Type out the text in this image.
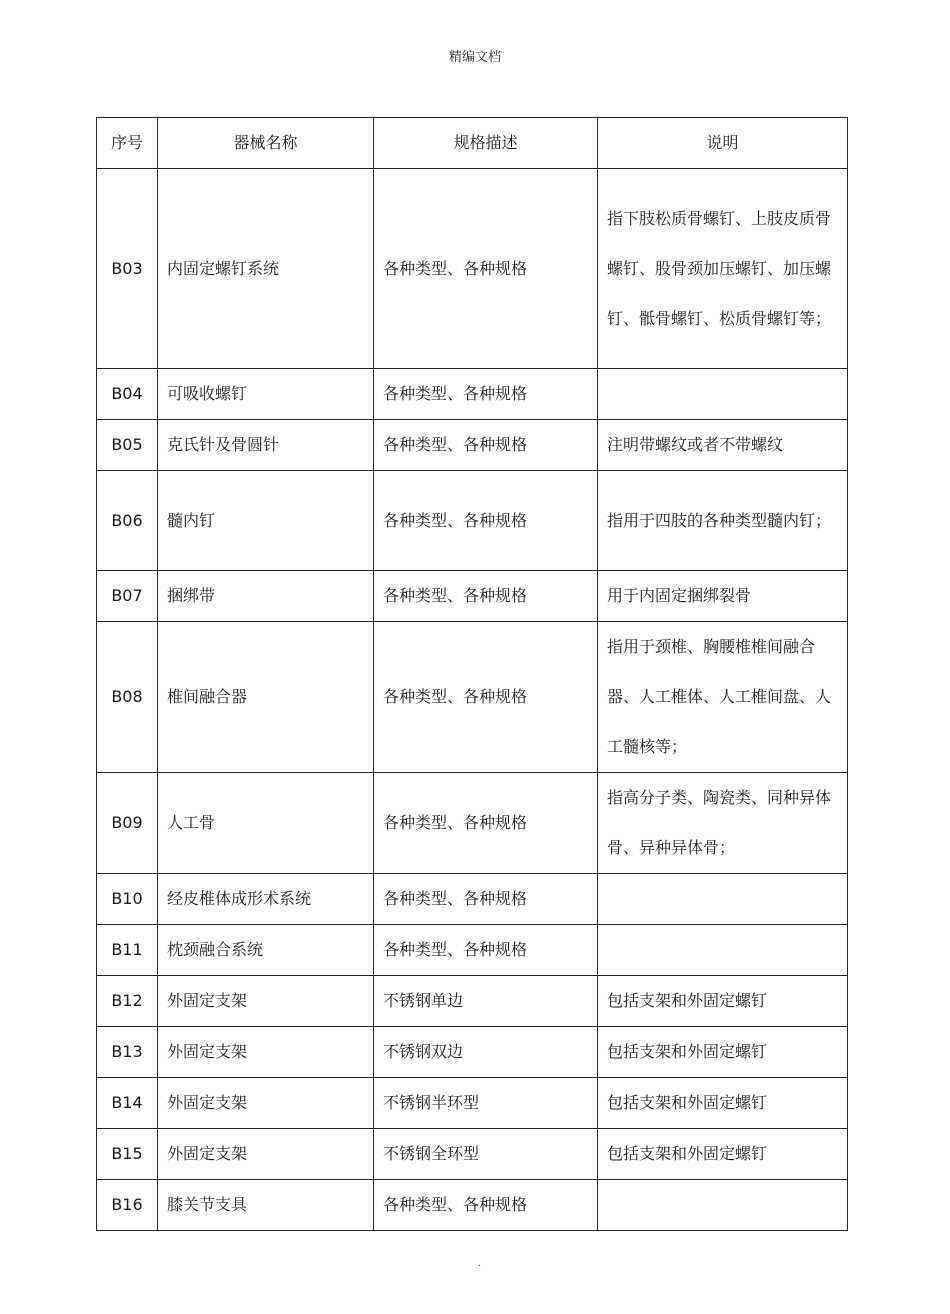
精编文档
序号	器械名称	规格描述	说明
B03	内固定螺钉系统	各种类型、各种规格	指下肢松质骨螺钉、上肢皮质骨螺钉、股骨颈加压螺钉、加压螺钉、骶骨螺钉、松质骨螺钉等；
B04	可吸收螺钉	各种类型、各种规格	
B05	克氏针及骨圆针	各种类型、各种规格	注明带螺纹或者不带螺纹
B06	髓内钉	各种类型、各种规格	指用于四肢的各种类型髓内钉；
B07	捆绑带	各种类型、各种规格	用于内固定捆绑裂骨
B08	椎间融合器	各种类型、各种规格	指用于颈椎、胸腰椎椎间融合器、人工椎体、人工椎间盘、人工髓核等；
B09	人工骨	各种类型、各种规格	指高分子类、陶瓷类、同种异体骨、异种异体骨；
B10	经皮椎体成形术系统	各种类型、各种规格	
B11	枕颈融合系统	各种类型、各种规格	
B12	外固定支架	不锈钢单边	包括支架和外固定螺钉
B13	外固定支架	不锈钢双边	包括支架和外固定螺钉
B14	外固定支架	不锈钢半环型	包括支架和外固定螺钉
B15	外固定支架	不锈钢全环型	包括支架和外固定螺钉
B16	膝关节支具	各种类型、各种规格	
.
